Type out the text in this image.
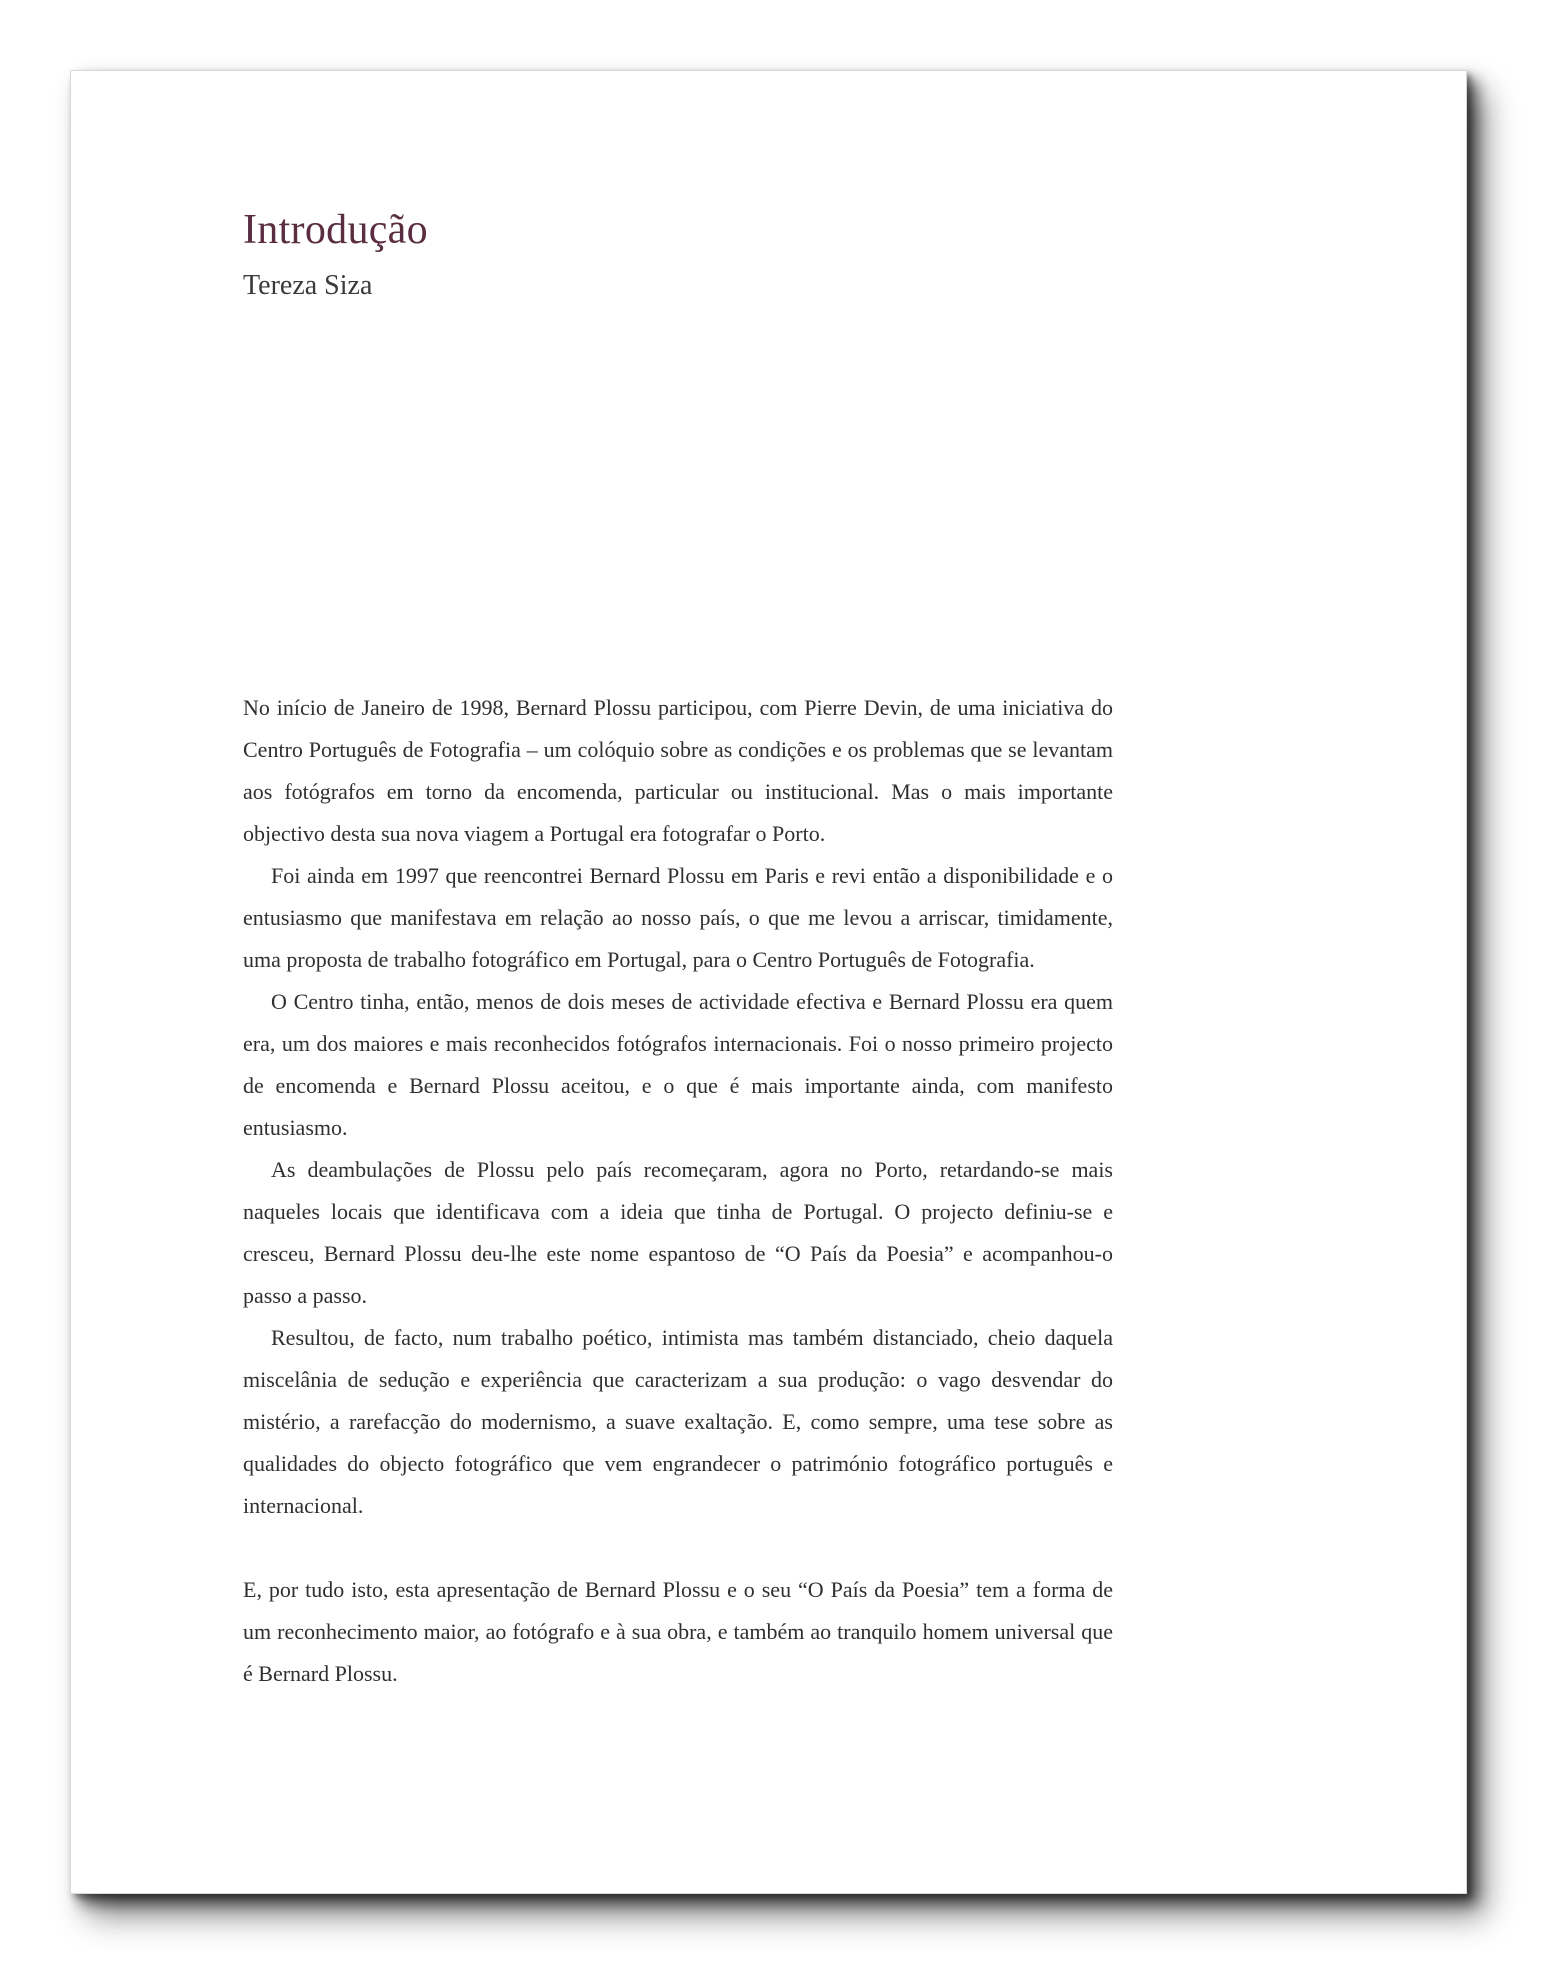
Introdução
Tereza Siza

No início de Janeiro de 1998, Bernard Plossu participou, com Pierre Devin, de uma iniciativa do Centro Português de Fotografia – um colóquio sobre as condições e os problemas que se levantam aos fotógrafos em torno da encomenda, particular ou institucional. Mas o mais importante objectivo desta sua nova viagem a Portugal era fotografar o Porto.

Foi ainda em 1997 que reencontrei Bernard Plossu em Paris e revi então a disponibilidade e o entusiasmo que manifestava em relação ao nosso país, o que me levou a arriscar, timidamente, uma proposta de trabalho fotográfico em Portugal, para o Centro Português de Fotografia.

O Centro tinha, então, menos de dois meses de actividade efectiva e Bernard Plossu era quem era, um dos maiores e mais reconhecidos fotógrafos internacionais. Foi o nosso primeiro projecto de encomenda e Bernard Plossu aceitou, e o que é mais importante ainda, com manifesto entusiasmo.

As deambulações de Plossu pelo país recomeçaram, agora no Porto, retardando-se mais naqueles locais que identificava com a ideia que tinha de Portugal. O projecto definiu-se e cresceu, Bernard Plossu deu-lhe este nome espantoso de “O País da Poesia” e acompanhou-o passo a passo.

Resultou, de facto, num trabalho poético, intimista mas também distanciado, cheio daquela miscelânia de sedução e experiência que caracterizam a sua produção: o vago desvendar do mistério, a rarefacção do modernismo, a suave exaltação. E, como sempre, uma tese sobre as qualidades do objecto fotográfico que vem engrandecer o património fotográfico português e internacional.

E, por tudo isto, esta apresentação de Bernard Plossu e o seu “O País da Poesia” tem a forma de um reconhecimento maior, ao fotógrafo e à sua obra, e também ao tranquilo homem universal que é Bernard Plossu.
